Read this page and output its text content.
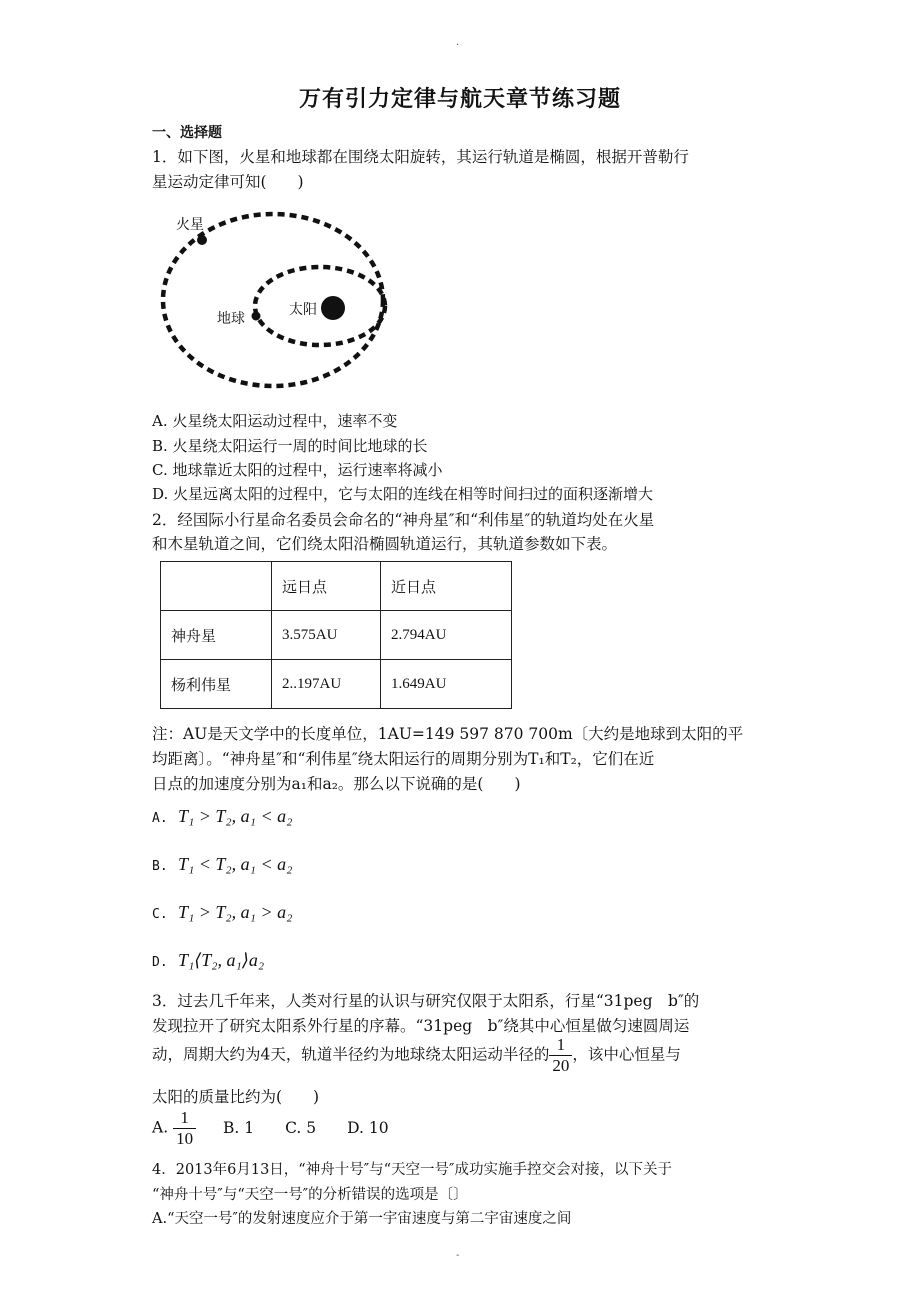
·
万有引力定律与航天章节练习题
一、选择题
1．如下图，火星和地球都在围绕太阳旋转，其运行轨道是椭圆，根据开普勒行
星运动定律可知(　　)
火星
地球
太阳
A. 火星绕太阳运动过程中，速率不变
B. 火星绕太阳运行一周的时间比地球的长
C. 地球靠近太阳的过程中，运行速率将减小
D. 火星远离太阳的过程中，它与太阳的连线在相等时间扫过的面积逐渐增大
2．经国际小行星命名委员会命名的“神舟星″和“利伟星″的轨道均处在火星
和木星轨道之间，它们绕太阳沿椭圆轨道运行，其轨道参数如下表。
	远日点	近日点
神舟星	3.575AU	2.794AU
杨利伟星	2..197AU	1.649AU
注：AU是天文学中的长度单位，1AU=149 597 870 700m〔大约是地球到太阳的平
均距离〕。“神舟星″和“利伟星″绕太阳运行的周期分别为T₁和T₂，它们在近
日点的加速度分别为a₁和a₂。那么以下说确的是(　　)
A. T₁ > T₂, a₁ < a₂
B. T₁ < T₂, a₁ < a₂
C. T₁ > T₂, a₁ > a₂
D. T₁⟨T₂, a₁⟩a₂
3．过去几千年来，人类对行星的认识与研究仅限于太阳系，行星“31peg　b″的
发现拉开了研究太阳系外行星的序幕。“31peg　b″绕其中心恒星做匀速圆周运
动，周期大约为4天，轨道半径约为地球绕太阳运动半径的 $\frac{1}{20}$ ，该中心恒星与
太阳的质量比约为(　　)
A. $\frac{1}{10} B$. 1　　C. 5　　D. 10
4．2013年6月13日，“神舟十号″与“天空一号″成功实施手控交会对接，以下关于
“神舟十号″与“天空一号″的分析错误的选项是〔〕
A.“天空一号″的发射速度应介于第一宇宙速度与第二宇宙速度之间
-
